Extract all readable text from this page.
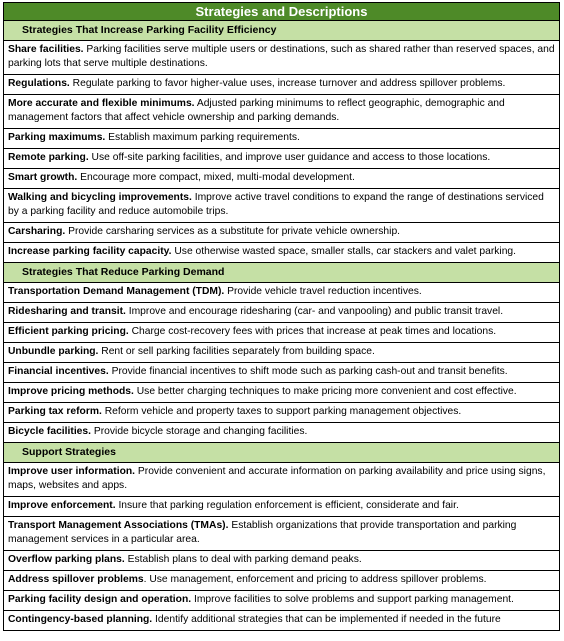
Strategies and Descriptions
Strategies That Increase Parking Facility Efficiency
Share facilities. Parking facilities serve multiple users or destinations, such as shared rather than reserved spaces, and parking lots that serve multiple destinations.
Regulations. Regulate parking to favor higher-value uses, increase turnover and address spillover problems.
More accurate and flexible minimums. Adjusted parking minimums to reflect geographic, demographic and management factors that affect vehicle ownership and parking demands.
Parking maximums. Establish maximum parking requirements.
Remote parking. Use off-site parking facilities, and improve user guidance and access to those locations.
Smart growth. Encourage more compact, mixed, multi-modal development.
Walking and bicycling improvements. Improve active travel conditions to expand the range of destinations serviced by a parking facility and reduce automobile trips.
Carsharing. Provide carsharing services as a substitute for private vehicle ownership.
Increase parking facility capacity. Use otherwise wasted space, smaller stalls, car stackers and valet parking.
Strategies That Reduce Parking Demand
Transportation Demand Management (TDM). Provide vehicle travel reduction incentives.
Ridesharing and transit. Improve and encourage ridesharing (car- and vanpooling) and public transit travel.
Efficient parking pricing. Charge cost-recovery fees with prices that increase at peak times and locations.
Unbundle parking. Rent or sell parking facilities separately from building space.
Financial incentives. Provide financial incentives to shift mode such as parking cash-out and transit benefits.
Improve pricing methods. Use better charging techniques to make pricing more convenient and cost effective.
Parking tax reform. Reform vehicle and property taxes to support parking management objectives.
Bicycle facilities. Provide bicycle storage and changing facilities.
Support Strategies
Improve user information. Provide convenient and accurate information on parking availability and price using signs, maps, websites and apps.
Improve enforcement. Insure that parking regulation enforcement is efficient, considerate and fair.
Transport Management Associations (TMAs). Establish organizations that provide transportation and parking management services in a particular area.
Overflow parking plans. Establish plans to deal with parking demand peaks.
Address spillover problems. Use management, enforcement and pricing to address spillover problems.
Parking facility design and operation. Improve facilities to solve problems and support parking management.
Contingency-based planning. Identify additional strategies that can be implemented if needed in the future
